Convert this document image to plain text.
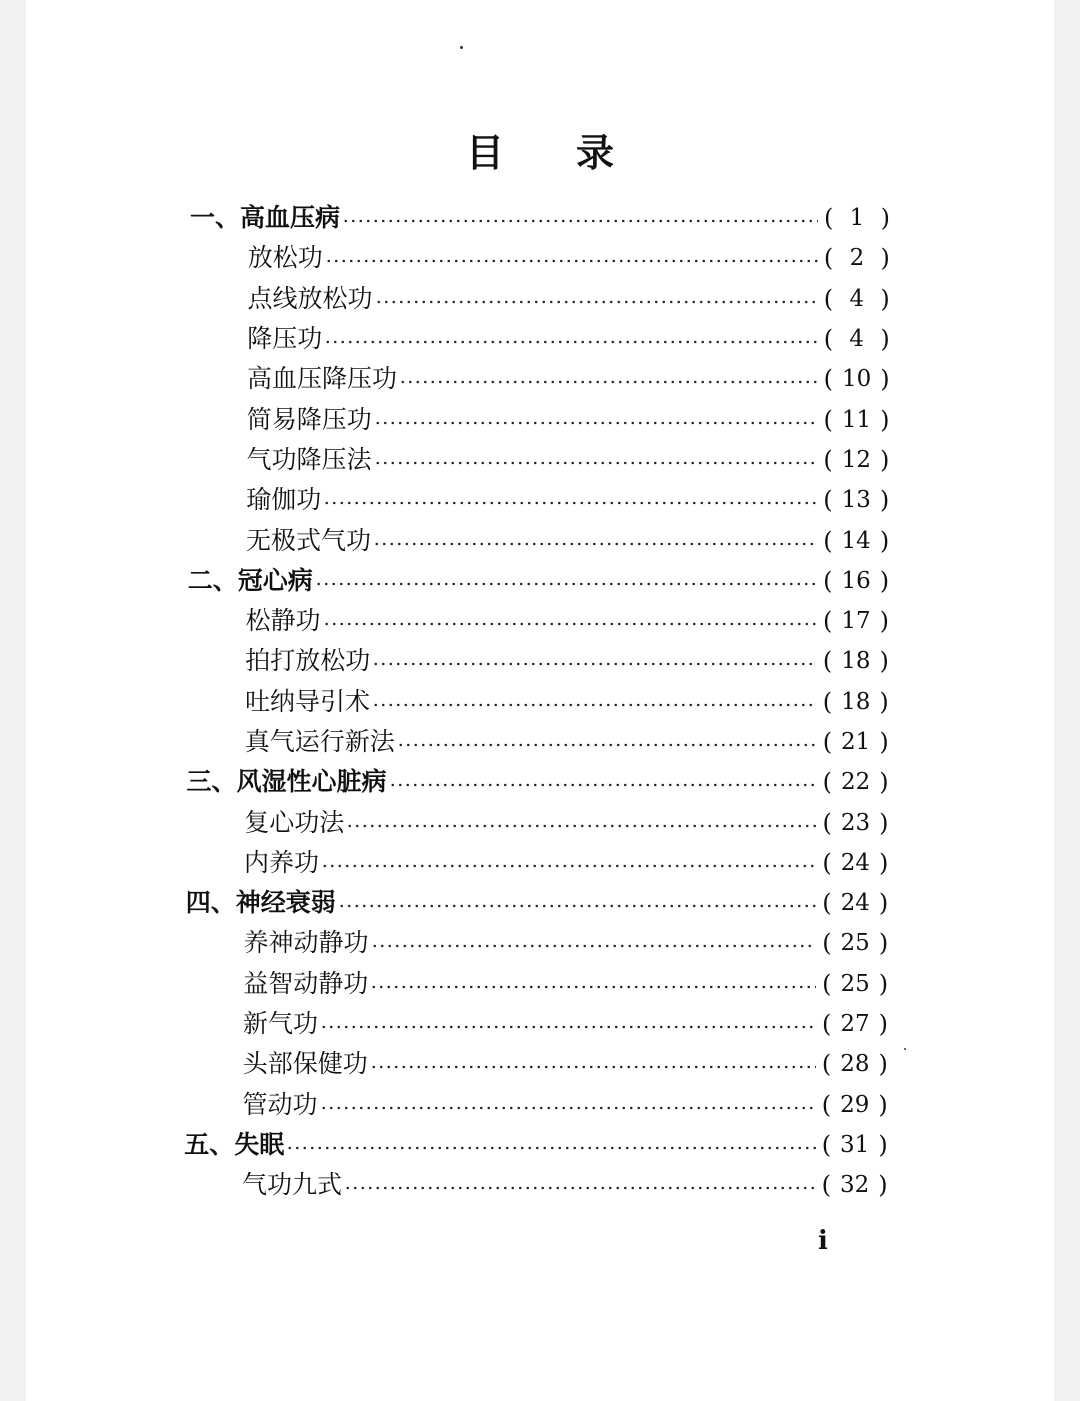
目 录
一、 高血压病	( 1 )
放松功	( 2 )
点线放松功	( 4 )
降压功	( 4 )
高血压降压功	( 10 )
简易降压功	( 11 )
气功降压法	( 12 )
瑜伽功	( 13 )
无极式气功	( 14 )
二、 冠心病	( 16 )
松静功	( 17 )
拍打放松功	( 18 )
吐纳导引术	( 18 )
真气运行新法	( 21 )
三、 风湿性心脏病	( 22 )
复心功法	( 23 )
内养功	( 24 )
四、 神经衰弱	( 24 )
养神动静功	( 25 )
益智动静功	( 25 )
新气功	( 27 )
头部保健功	( 28 )
管动功	( 29 )
五、 失眠	( 31 )
气功九式	( 32 )
i
